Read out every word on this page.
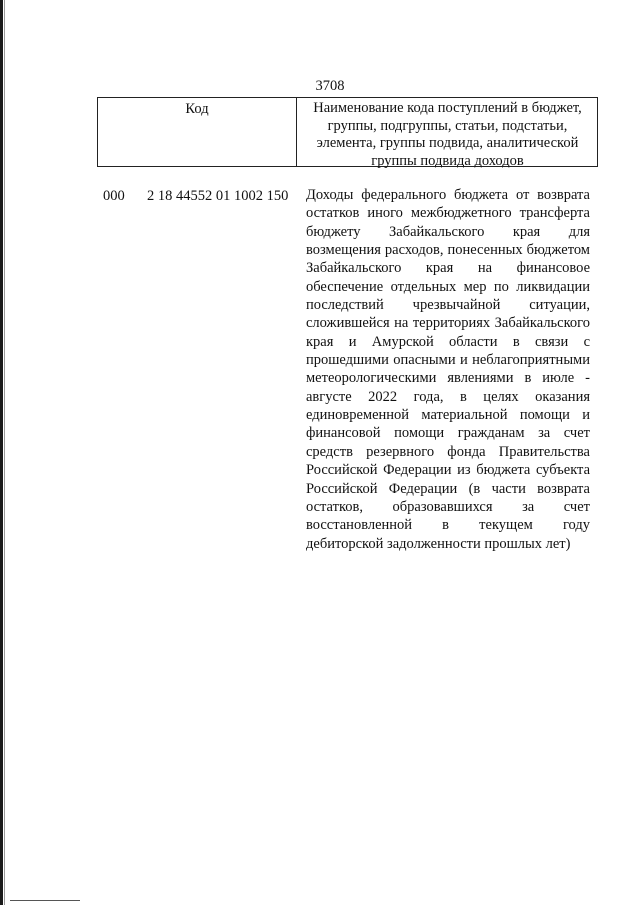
3708
Код	Наименование кода поступлений в бюджет, группы, подгруппы, статьи, подстатьи, элемента, группы подвида, аналитической группы подвида доходов
000 2 18 44552 01 1002 150 Доходы федерального бюджета от возврата остатков иного межбюджетного трансферта бюджету Забайкальского края для возмещения расходов, понесенных бюджетом Забайкальского края на финансовое обеспечение отдельных мер по ликвидации последствий чрезвычайной ситуации, сложившейся на территориях Забайкальского края и Амурской области в связи с прошедшими опасными и неблагоприятными метеорологическими явлениями в июле - августе 2022 года, в целях оказания единовременной материальной помощи и финансовой помощи гражданам за счет средств резервного фонда Правительства Российской Федерации из бюджета субъекта Российской Федерации (в части возврата остатков, образовавшихся за счет восстановленной в текущем году дебиторской задолженности прошлых лет)
